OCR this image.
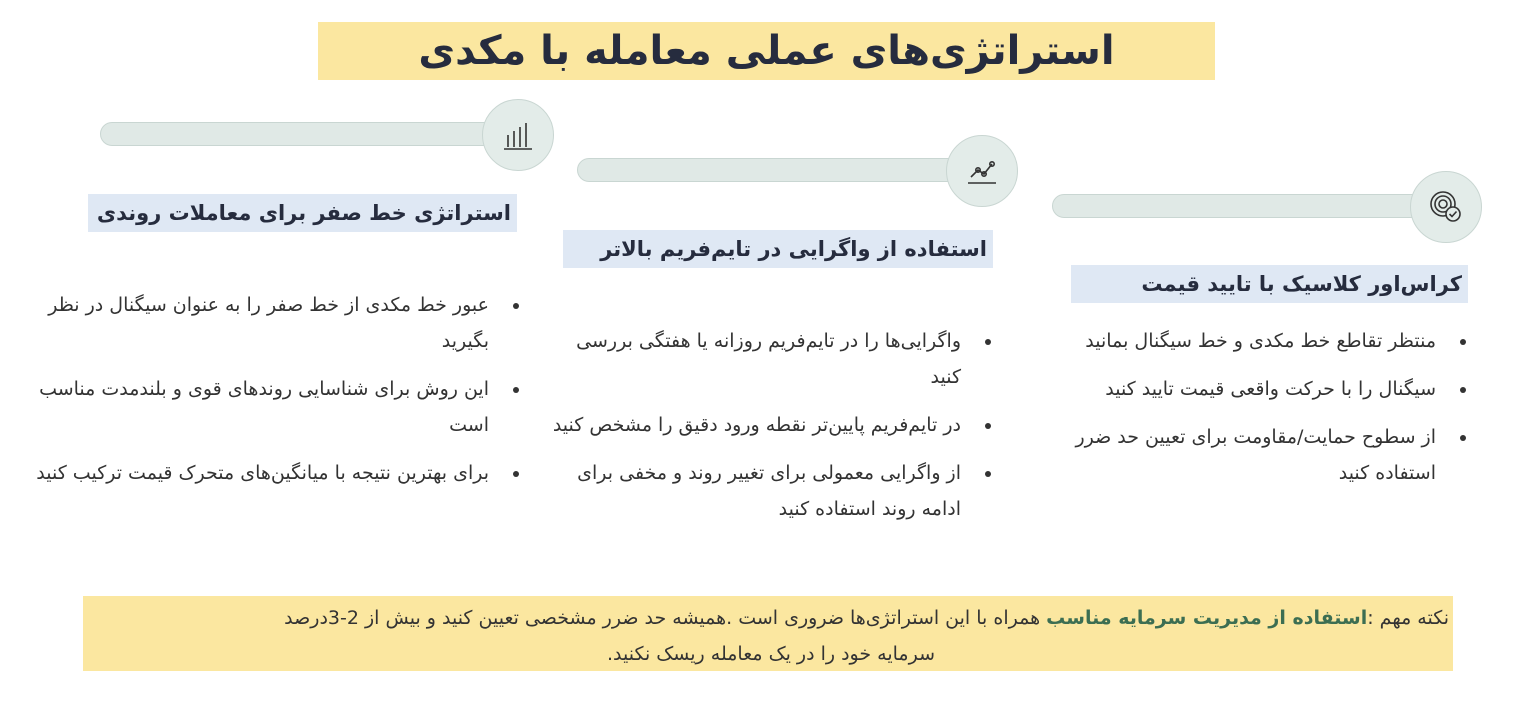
استراتژی‌های عملی معامله با مکدی
استراتژی خط صفر برای معاملات روندی
عبور خط مکدی از خط صفر را به عنوان سیگنال در نظر بگیرید
این روش برای شناسایی روندهای قوی و بلندمدت مناسب است
برای بهترین نتیجه با میانگین‌های متحرک قیمت ترکیب کنید
استفاده از واگرایی در تایم‌فریم بالاتر
واگرایی‌ها را در تایم‌فریم روزانه یا هفتگی بررسی کنید
در تایم‌فریم پایین‌تر نقطه ورود دقیق را مشخص کنید
از واگرایی معمولی برای تغییر روند و مخفی برای ادامه روند استفاده کنید
کراس‌اور کلاسیک با تایید قیمت
منتظر تقاطع خط مکدی و خط سیگنال بمانید
سیگنال را با حرکت واقعی قیمت تایید کنید
از سطوح حمایت/مقاومت برای تعیین حد ضرر استفاده کنید
نکته مهم :استفاده از مدیریت سرمایه مناسب همراه با این استراتژی‌ها ضروری است .همیشه حد ضرر مشخصی تعیین کنید و بیش از 2-3درصد
سرمایه خود را در یک معامله ریسک نکنید.
